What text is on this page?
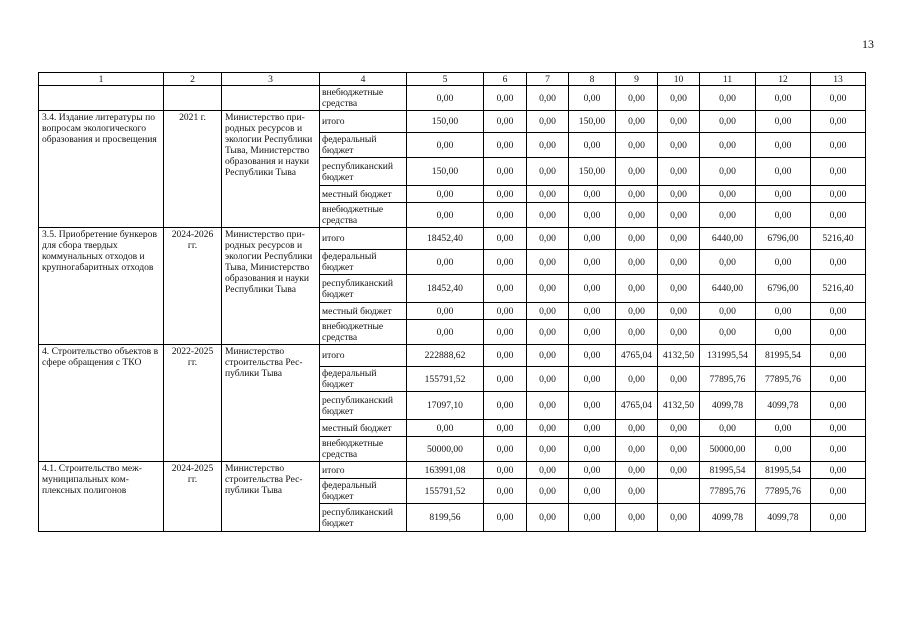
13
1	2	3	4	5	6	7	8	9	10	11	12	13
			внебюджетные средства	0,00	0,00	0,00	0,00	0,00	0,00	0,00	0,00	0,00
3.4. Издание литературы по вопросам экологического образования и просвещения	2021 г.	Министерство природных ресурсов и экологии Республики Тыва, Министерство образования и науки Республики Тыва	итого	150,00	0,00	0,00	150,00	0,00	0,00	0,00	0,00	0,00
			федеральный бюджет	0,00	0,00	0,00	0,00	0,00	0,00	0,00	0,00	0,00
			республиканский бюджет	150,00	0,00	0,00	150,00	0,00	0,00	0,00	0,00	0,00
			местный бюджет	0,00	0,00	0,00	0,00	0,00	0,00	0,00	0,00	0,00
			внебюджетные средства	0,00	0,00	0,00	0,00	0,00	0,00	0,00	0,00	0,00
3.5. Приобретение бункеров для сбора твердых коммунальных отходов и крупногабаритных отходов	2024-2026 гг.	Министерство природных ресурсов и экологии Республики Тыва, Министерство образования и науки Республики Тыва	итого	18452,40	0,00	0,00	0,00	0,00	0,00	6440,00	6796,00	5216,40
			федеральный бюджет	0,00	0,00	0,00	0,00	0,00	0,00	0,00	0,00	0,00
			республиканский бюджет	18452,40	0,00	0,00	0,00	0,00	0,00	6440,00	6796,00	5216,40
			местный бюджет	0,00	0,00	0,00	0,00	0,00	0,00	0,00	0,00	0,00
			внебюджетные средства	0,00	0,00	0,00	0,00	0,00	0,00	0,00	0,00	0,00
4. Строительство объектов в сфере обращения с ТКО	2022-2025 гг.	Министерство строительства Республики Тыва	итого	222888,62	0,00	0,00	0,00	4765,04	4132,50	131995,54	81995,54	0,00
			федеральный бюджет	155791,52	0,00	0,00	0,00	0,00	0,00	77895,76	77895,76	0,00
			республиканский бюджет	17097,10	0,00	0,00	0,00	4765,04	4132,50	4099,78	4099,78	0,00
			местный бюджет	0,00	0,00	0,00	0,00	0,00	0,00	0,00	0,00	0,00
			внебюджетные средства	50000,00	0,00	0,00	0,00	0,00	0,00	50000,00	0,00	0,00
4.1. Строительство межмуниципальных комплексных полигонов	2024-2025 гг.	Министерство строительства Республики Тыва	итого	163991,08	0,00	0,00	0,00	0,00	0,00	81995,54	81995,54	0,00
			федеральный бюджет	155791,52	0,00	0,00	0,00	0,00		77895,76	77895,76	0,00
			республиканский бюджет	8199,56	0,00	0,00	0,00	0,00	0,00	4099,78	4099,78	0,00
